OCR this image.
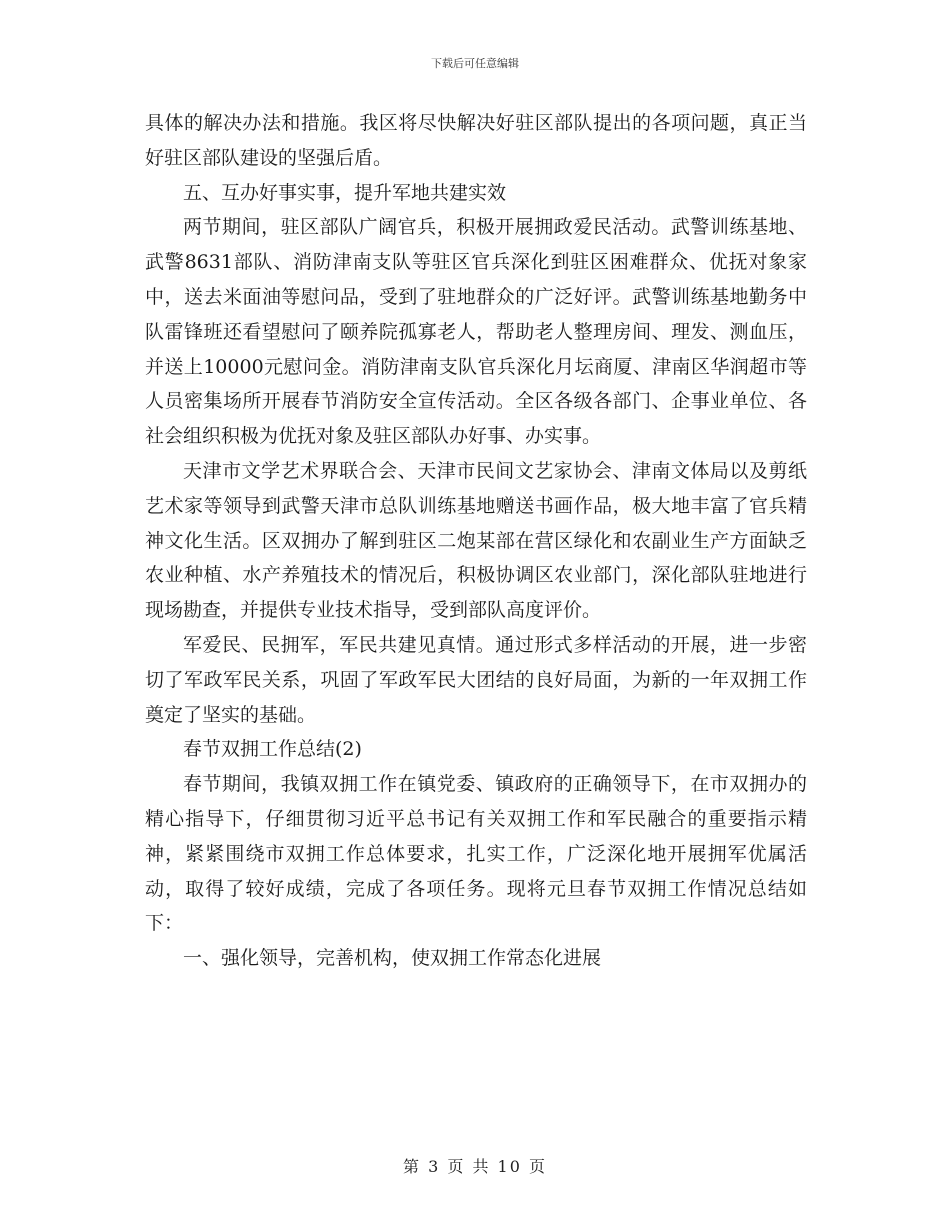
下载后可任意编辑

具体的解决办法和措施。我区将尽快解决好驻区部队提出的各项问题，真正当好驻区部队建设的坚强后盾。

五、互办好事实事，提升军地共建实效

两节期间，驻区部队广阔官兵，积极开展拥政爱民活动。武警训练基地、武警8631部队、消防津南支队等驻区官兵深化到驻区困难群众、优抚对象家中，送去米面油等慰问品，受到了驻地群众的广泛好评。武警训练基地勤务中队雷锋班还看望慰问了颐养院孤寡老人，帮助老人整理房间、理发、测血压，并送上10000元慰问金。消防津南支队官兵深化月坛商厦、津南区华润超市等人员密集场所开展春节消防安全宣传活动。全区各级各部门、企事业单位、各社会组织积极为优抚对象及驻区部队办好事、办实事。

天津市文学艺术界联合会、天津市民间文艺家协会、津南文体局以及剪纸艺术家等领导到武警天津市总队训练基地赠送书画作品，极大地丰富了官兵精神文化生活。区双拥办了解到驻区二炮某部在营区绿化和农副业生产方面缺乏农业种植、水产养殖技术的情况后，积极协调区农业部门，深化部队驻地进行现场勘查，并提供专业技术指导，受到部队高度评价。

军爱民、民拥军，军民共建见真情。通过形式多样活动的开展，进一步密切了军政军民关系，巩固了军政军民大团结的良好局面，为新的一年双拥工作奠定了坚实的基础。

春节双拥工作总结(2)

春节期间，我镇双拥工作在镇党委、镇政府的正确领导下，在市双拥办的精心指导下，仔细贯彻习近平总书记有关双拥工作和军民融合的重要指示精神，紧紧围绕市双拥工作总体要求，扎实工作，广泛深化地开展拥军优属活动，取得了较好成绩，完成了各项任务。现将元旦春节双拥工作情况总结如下：

一、强化领导，完善机构，使双拥工作常态化进展

第 3 页 共 10 页
